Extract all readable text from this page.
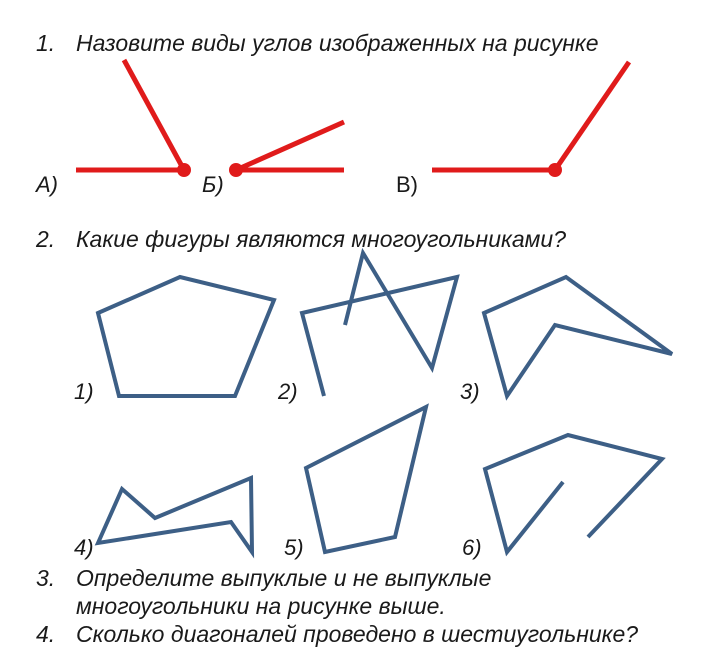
1. Назовите виды углов изображенных на рисунке
2. Какие фигуры являются многоугольниками?
3. Определите выпуклые и не выпуклые
многоугольники на рисунке выше.
4. Сколько диагоналей проведено в шестиугольнике?
А)	Б)	В)
1)	2)	3)
4)	5)	6)
